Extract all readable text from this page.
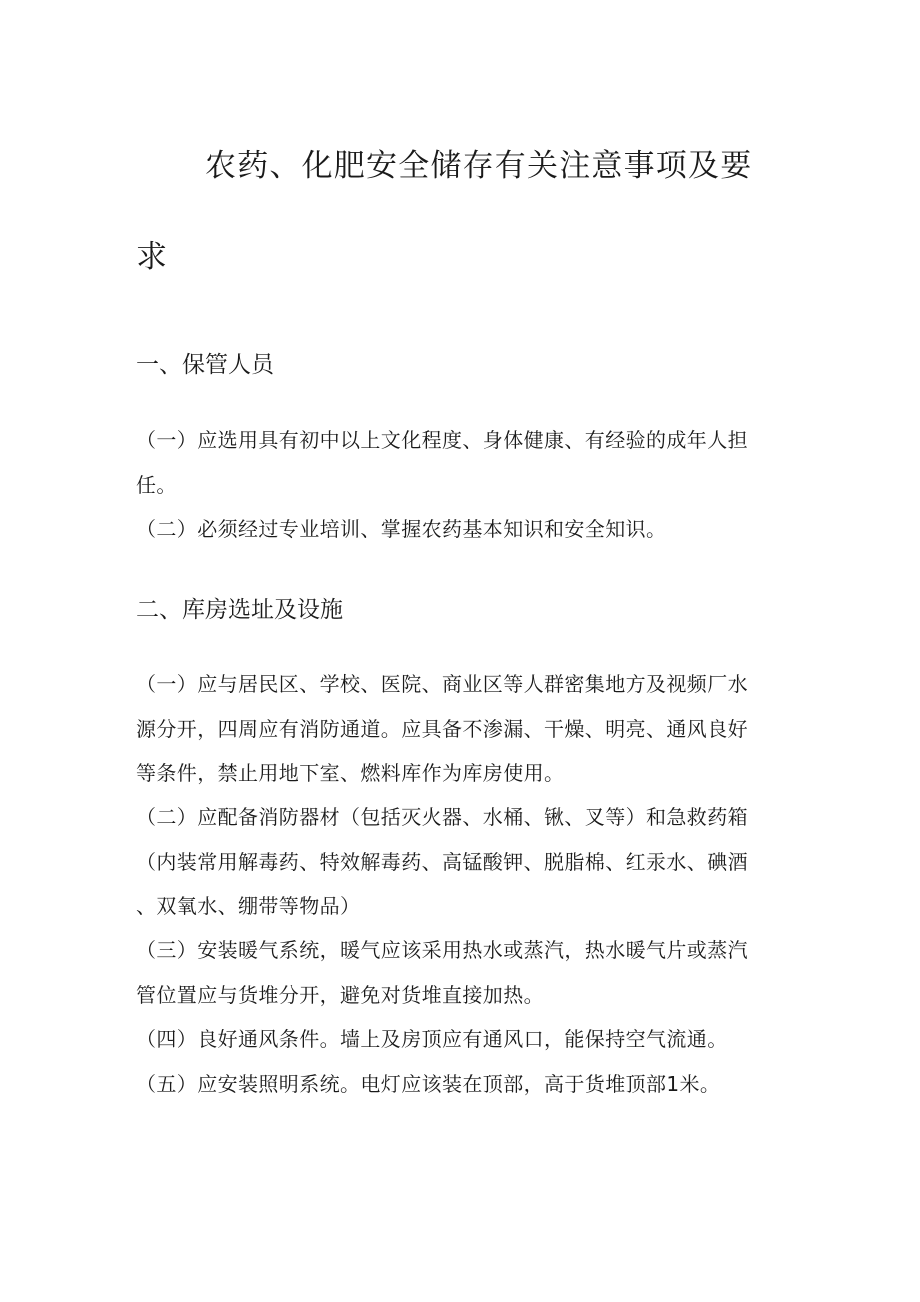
农药、化肥安全储存有关注意事项及要
求
一、保管人员
（一）应选用具有初中以上文化程度、身体健康、有经验的成年人担
任。
（二）必须经过专业培训、掌握农药基本知识和安全知识。
二、库房选址及设施
（一）应与居民区、学校、医院、商业区等人群密集地方及视频厂水
源分开，四周应有消防通道。应具备不渗漏、干燥、明亮、通风良好
等条件，禁止用地下室、燃料库作为库房使用。
（二）应配备消防器材（包括灭火器、水桶、锹、叉等）和急救药箱
（内装常用解毒药、特效解毒药、高锰酸钾、脱脂棉、红汞水、碘酒
、双氧水、绷带等物品）
（三）安装暖气系统，暖气应该采用热水或蒸汽，热水暖气片或蒸汽
管位置应与货堆分开，避免对货堆直接加热。
（四）良好通风条件。墙上及房顶应有通风口，能保持空气流通。
（五）应安装照明系统。电灯应该装在顶部，高于货堆顶部1米。
